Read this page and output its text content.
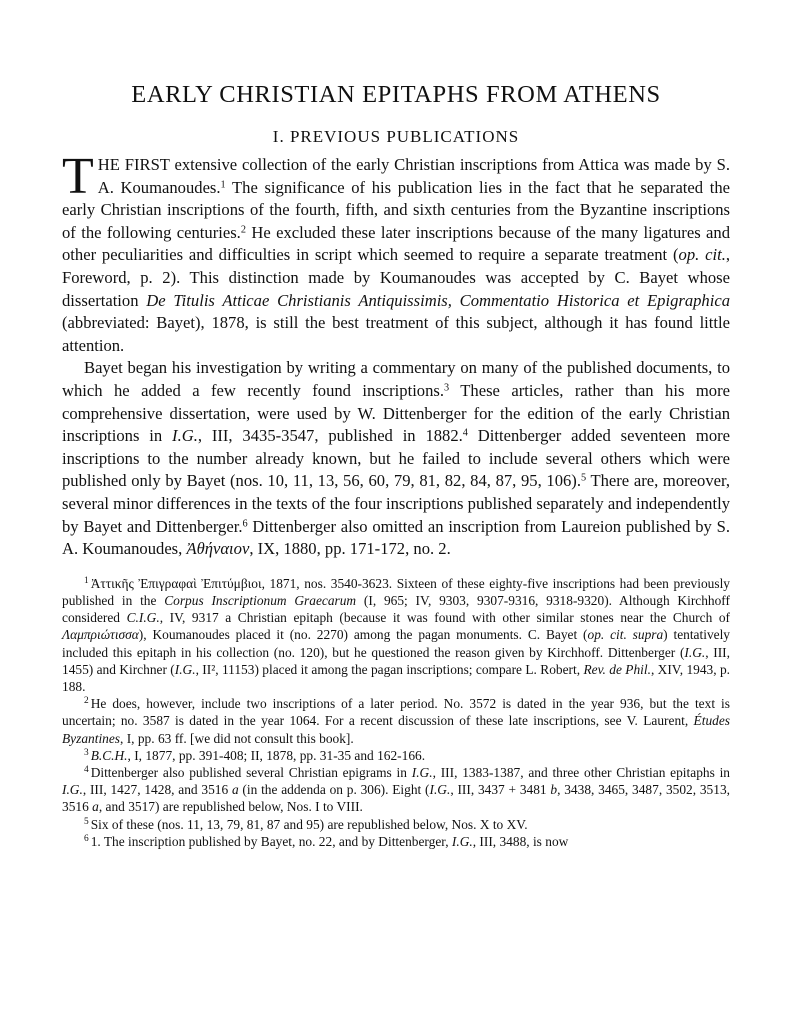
EARLY CHRISTIAN EPITAPHS FROM ATHENS
I. PREVIOUS PUBLICATIONS

T HE FIRST extensive collection of the early Christian inscriptions from Attica was made by S. A. Koumanoudes.$^1$ The significance of his publication lies in the fact that he separated the early Christian inscriptions of the fourth, fifth, and sixth centuries from the Byzantine inscriptions of the following centuries.$^2$ He excluded these later inscriptions because of the many ligatures and other peculiarities and difficulties in script which seemed to require a separate treatment (op. cit., Foreword, p. 2). This distinction made by Koumanoudes was accepted by C. Bayet whose dissertation De Titulis Atticae Christianis Antiquissimis, Commentatio Historica et Epigraphica (abbreviated: Bayet), 1878, is still the best treatment of this subject, although it has found little attention.

Bayet began his investigation by writing a commentary on many of the published documents, to which he added a few recently found inscriptions.$^3$ These articles, rather than his more comprehensive dissertation, were used by W. Dittenberger for the edition of the early Christian inscriptions in I.G., III, 3435-3547, published in 1882.$^4$ Dittenberger added seventeen more inscriptions to the number already known, but he failed to include several others which were published only by Bayet (nos. 10, 11, 13, 56, 60, 79, 81, 82, 84, 87, 95, 106).$^5$ There are, moreover, several minor differences in the texts of the four inscriptions published separately and independently by Bayet and Dittenberger.$^6$ Dittenberger also omitted an inscription from Laureion published by S. A. Koumanoudes, Ἀθήναιον, IX, 1880, pp. 171-172, no. 2.

$^1$ Ἀττικῆς Ἐπιγραφαὶ Ἐπιτύμβιοι, 1871, nos. 3540-3623. Sixteen of these eighty-five inscriptions had been previously published in the Corpus Inscriptionum Graecarum (I, 965; IV, 9303, 9307-9316, 9318-9320). Although Kirchhoff considered C.I.G., IV, 9317 a Christian epitaph (because it was found with other similar stones near the Church of Λαμπριώτισσα), Koumanoudes placed it (no. 2270) among the pagan monuments. C. Bayet (op. cit. supra) tentatively included this epitaph in his collection (no. 120), but he questioned the reason given by Kirchhoff. Dittenberger (I.G., III, 1455) and Kirchner (I.G., II², 11153) placed it among the pagan inscriptions; compare L. Robert, Rev. de Phil., XIV, 1943, p. 188.

$^2$ He does, however, include two inscriptions of a later period. No. 3572 is dated in the year 936, but the text is uncertain; no. 3587 is dated in the year 1064. For a recent discussion of these late inscriptions, see V. Laurent, Études Byzantines, I, pp. 63 ff. [we did not consult this book].

$^3$ B.C.H., I, 1877, pp. 391-408; II, 1878, pp. 31-35 and 162-166.

$^4$ Dittenberger also published several Christian epigrams in I.G., III, 1383-1387, and three other Christian epitaphs in I.G., III, 1427, 1428, and 3516 a (in the addenda on p. 306). Eight (I.G., III, 3437 + 3481 b, 3438, 3465, 3487, 3502, 3513, 3516 a, and 3517) are republished below, Nos. I to VIII.

$^5$ Six of these (nos. 11, 13, 79, 81, 87 and 95) are republished below, Nos. X to XV.

$^6$ 1. The inscription published by Bayet, no. 22, and by Dittenberger, I.G., III, 3488, is now
